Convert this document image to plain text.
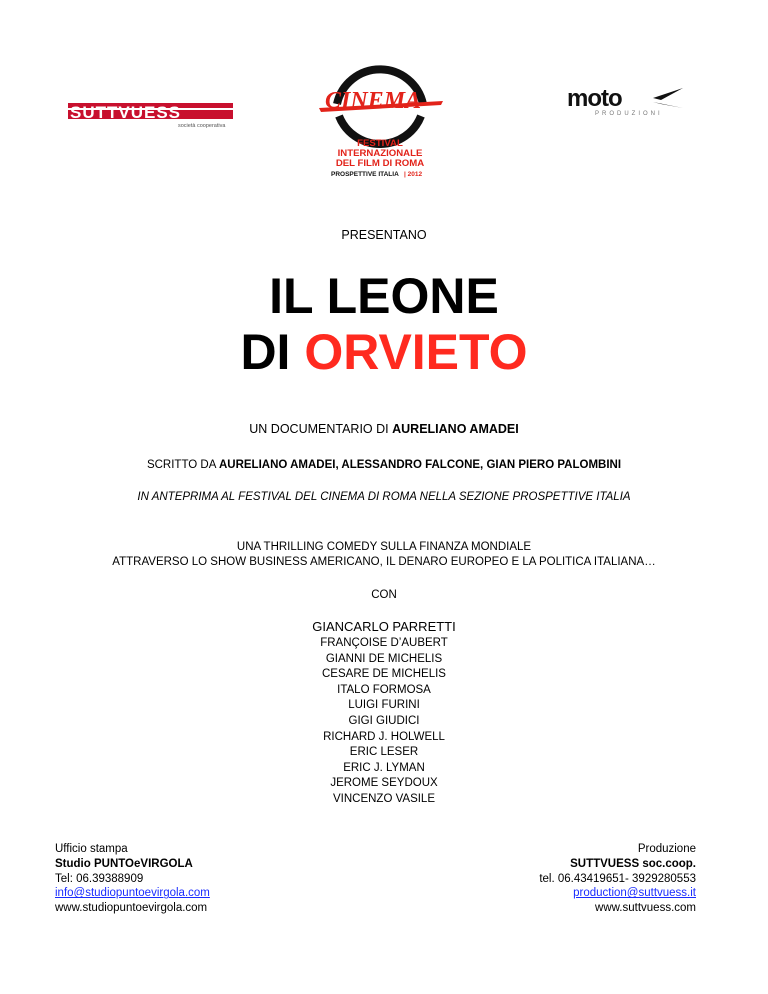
SUTTVUESS
società cooperativa
CINEMA
FESTIVAL
INTERNAZIONALE
DEL FILM DI ROMA
PROSPETTIVE ITALIA | 2012
moto
PRODUZIONI
PRESENTANO
IL LEONE
DI ORVIETO
UN DOCUMENTARIO DI AURELIANO AMADEI
SCRITTO DA AURELIANO AMADEI, ALESSANDRO FALCONE, GIAN PIERO PALOMBINI
IN ANTEPRIMA AL FESTIVAL DEL CINEMA DI ROMA NELLA SEZIONE PROSPETTIVE ITALIA
UNA THRILLING COMEDY SULLA FINANZA MONDIALE
ATTRAVERSO LO SHOW BUSINESS AMERICANO, IL DENARO EUROPEO E LA POLITICA ITALIANA…
CON
GIANCARLO PARRETTI
FRANÇOISE D’AUBERT
GIANNI DE MICHELIS
CESARE DE MICHELIS
ITALO FORMOSA
LUIGI FURINI
GIGI GIUDICI
RICHARD J. HOLWELL
ERIC LESER
ERIC J. LYMAN
JEROME SEYDOUX
VINCENZO VASILE
Ufficio stampa
Studio PUNTOeVIRGOLA
Tel: 06.39388909
info@studiopuntoevirgola.com
www.studiopuntoevirgola.com
Produzione
SUTTVUESS soc.coop.
tel. 06.43419651- 3929280553
production@suttvuess.it
www.suttvuess.com
